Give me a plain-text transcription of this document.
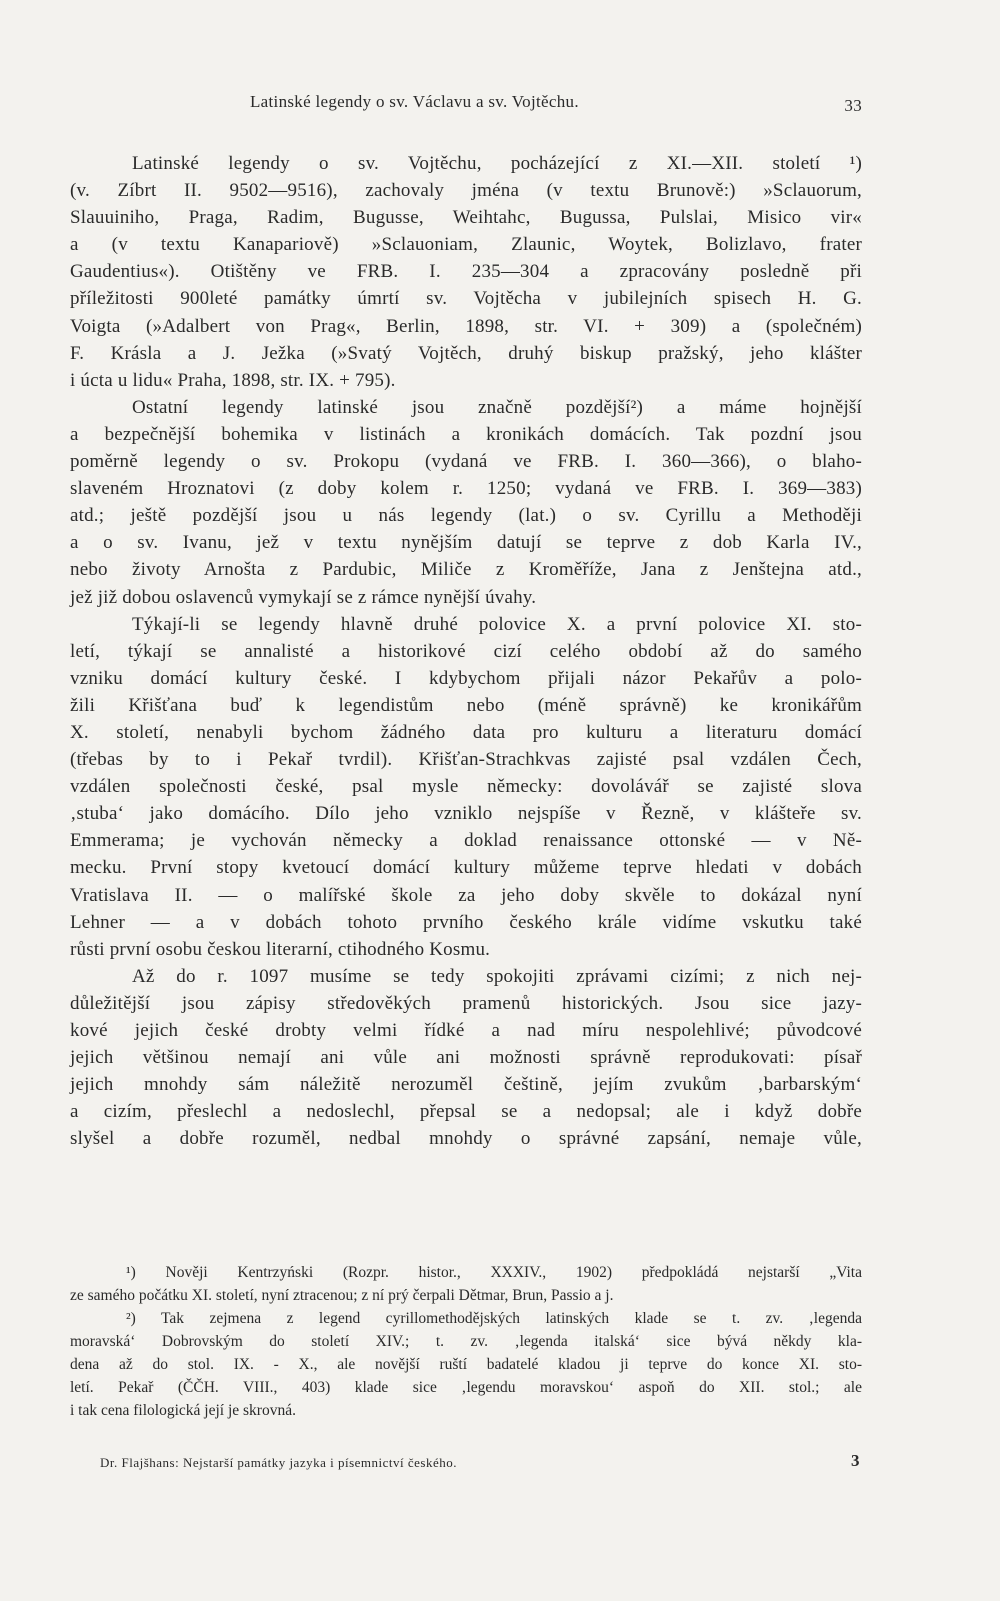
Latinské legendy o sv. Václavu a sv. Vojtěchu.	33
Latinské legendy o sv. Vojtěchu, pocházející z XI.—XII. století ¹)
(v. Zíbrt II. 9502—9516), zachovaly jména (v textu Brunově:) »Sclauorum,
Slauuiniho, Praga, Radim, Bugusse, Weihtahc, Bugussa, Pulslai, Misico vir«
a (v textu Kanapariově) »Sclauoniam, Zlaunic, Woytek, Bolizlavo, frater
Gaudentius«). Otištěny ve FRB. I. 235—304 a zpracovány posledně při
příležitosti 900leté památky úmrtí sv. Vojtěcha v jubilejních spisech H. G.
Voigta (»Adalbert von Prag«, Berlin, 1898, str. VI. + 309) a (společném)
F. Krásla a J. Ježka (»Svatý Vojtěch, druhý biskup pražský, jeho klášter
i úcta u lidu« Praha, 1898, str. IX. + 795).
Ostatní legendy latinské jsou značně pozdější²) a máme hojnější
a bezpečnější bohemika v listinách a kronikách domácích. Tak pozdní jsou
poměrně legendy o sv. Prokopu (vydaná ve FRB. I. 360—366), o blaho-
slaveném Hroznatovi (z doby kolem r. 1250; vydaná ve FRB. I. 369—383)
atd.; ještě pozdější jsou u nás legendy (lat.) o sv. Cyrillu a Methoději
a o sv. Ivanu, jež v textu nynějším datují se teprve z dob Karla IV.,
nebo životy Arnošta z Pardubic, Miliče z Kroměříže, Jana z Jenštejna atd.,
jež již dobou oslavenců vymykají se z rámce nynější úvahy.
Týkají-li se legendy hlavně druhé polovice X. a první polovice XI. sto-
letí, týkají se annalisté a historikové cizí celého období až do samého
vzniku domácí kultury české. I kdybychom přijali názor Pekařův a polo-
žili Křišťana buď k legendistům nebo (méně správně) ke kronikářům
X. století, nenabyli bychom žádného data pro kulturu a literaturu domácí
(třebas by to i Pekař tvrdil). Křišťan-Strachkvas zajisté psal vzdálen Čech,
vzdálen společnosti české, psal mysle německy: dovolávář se zajisté slova
‚stuba‘ jako domácího. Dílo jeho vzniklo nejspíše v Řezně, v klášteře sv.
Emmerama; je vychován německy a doklad renaissance ottonské — v Ně-
mecku. První stopy kvetoucí domácí kultury můžeme teprve hledati v dobách
Vratislava II. — o malířské škole za jeho doby skvěle to dokázal nyní
Lehner — a v dobách tohoto prvního českého krále vidíme vskutku také
růsti první osobu českou literarní, ctihodného Kosmu.
Až do r. 1097 musíme se tedy spokojiti zprávami cizími; z nich nej-
důležitější jsou zápisy středověkých pramenů historických. Jsou sice jazy-
kové jejich české drobty velmi řídké a nad míru nespolehlivé; původcové
jejich většinou nemají ani vůle ani možnosti správně reprodukovati: písař
jejich mnohdy sám náležitě nerozuměl češtině, jejím zvukům ‚barbarským‘
a cizím, přeslechl a nedoslechl, přepsal se a nedopsal; ale i když dobře
slyšel a dobře rozuměl, nedbal mnohdy o správné zapsání, nemaje vůle,
¹) Nověji Kentrzyński (Rozpr. histor., XXXIV., 1902) předpokládá nejstarší „Vita
ze samého počátku XI. století, nyní ztracenou; z ní prý čerpali Dětmar, Brun, Passio a j.
²) Tak zejmena z legend cyrillomethodějských latinských klade se t. zv. ‚legenda
moravská‘ Dobrovským do století XIV.; t. zv. ‚legenda italská‘ sice bývá někdy kla-
dena až do stol. IX. - X., ale novější ruští badatelé kladou ji teprve do konce XI. sto-
letí. Pekař (ČČH. VIII., 403) klade sice ‚legendu moravskou‘ aspoň do XII. stol.; ale
i tak cena filologická její je skrovná.
Dr. Flajšhans: Nejstarší památky jazyka i písemnictví českého.	3
